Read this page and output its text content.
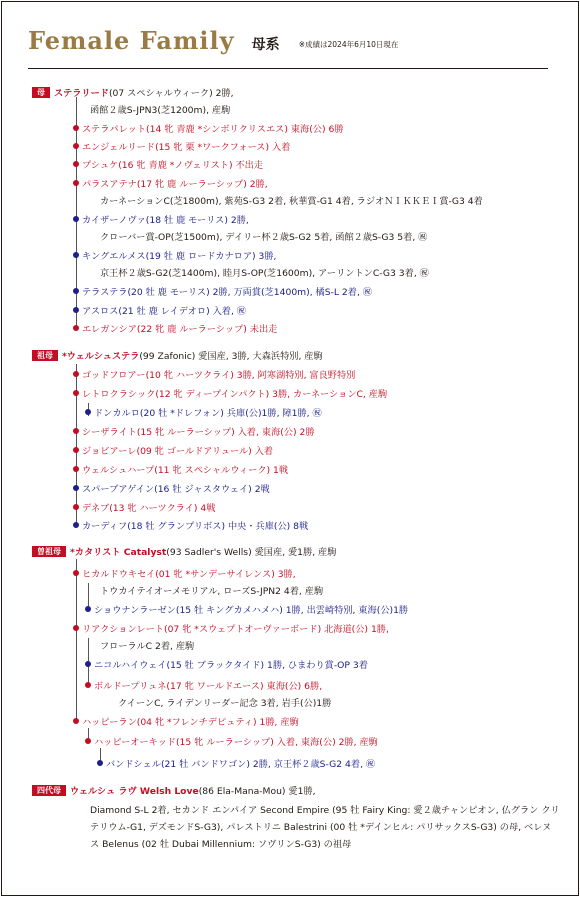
Female Family 母系	※成績は2024年6月10日現在
母 ステラリード(07 スペシャルウィーク) 2勝,
函館２歳S-JPN3(芝1200m), 産駒
ステラパレット(14 牝 青鹿 *シンボリクリスエス) 東海(公) 6勝
エンジェルリード(15 牝 栗 *ワークフォース) 入着
プシュケ(16 牝 青鹿 *ノヴェリスト) 不出走
パラスアテナ(17 牝 鹿 ルーラーシップ) 2勝,
カーネーションC(芝1800m), 紫苑S-G3 2着, 秋華賞-G1 4着, ラジオＮＩＫＫＥＩ賞-G3 4着
カイザーノヴァ(18 牡 鹿 モーリス) 2勝,
クローバー賞-OP(芝1500m), デイリー杯２歳S-G2 5着, 函館２歳S-G3 5着, ㊗
キングエルメス(19 牡 鹿 ロードカナロア) 3勝,
京王杯２歳S-G2(芝1400m), 睦月S-OP(芝1600m), アーリントンC-G3 3着, ㊗
テラステラ(20 牡 鹿 モーリス) 2勝, 万両賞(芝1400m), 橘S-L 2着, ㊗
アスロス(21 牡 鹿 レイデオロ) 入着, ㊗
エレガンシア(22 牝 鹿 ルーラーシップ) 未出走
祖母 *ウェルシュステラ(99 Zafonic) 愛国産, 3勝, 大森浜特別, 産駒
ゴッドフロアー(10 牝 ハーツクライ) 3勝, 阿寒湖特別, 富良野特別
レトロクラシック(12 牝 ディープインパクト) 3勝, カーネーションC, 産駒
ドンカルロ(20 牡 *ドレフォン) 兵庫(公)1勝, 障1勝, ㊗
シーザライト(15 牝 ルーラーシップ) 入着, 東海(公) 2勝
ジョビアーレ(09 牝 ゴールドアリュール) 入着
ウェルシュハープ(11 牝 スペシャルウィーク) 1戦
スパーブアゲイン(16 牡 ジャスタウェイ) 2戦
デネブ(13 牝 ハーツクライ) 4戦
カーディフ(18 牡 グランプリボス) 中央・兵庫(公) 8戦
曽祖母 *カタリスト Catalyst(93 Sadler's Wells) 愛国産, 愛1勝, 産駒
ヒカルドウキセイ(01 牝 *サンデーサイレンス) 3勝,
トウカイテイオーメモリアル, ローズS-JPN2 4着, 産駒
ショウナンラーゼン(15 牡 キングカメハメハ) 1勝, 出雲崎特別, 東海(公)1勝
リアクションレート(07 牝 *スウェプトオーヴァーボード) 北海道(公) 1勝,
フローラルC 2着, 産駒
ニコルハイウェイ(15 牡 ブラックタイド) 1勝, ひまわり賞-OP 3着
ボルドープリュネ(17 牝 ワールドエース) 東海(公) 6勝,
クイーンC, ライデンリーダー記念 3着, 岩手(公)1勝
ハッピーラン(04 牝 *フレンチデピュティ) 1勝, 産駒
ハッピーオーキッド(15 牝 ルーラーシップ) 入着, 東海(公) 2勝, 産駒
バンドシェル(21 牡 バンドワゴン) 2勝, 京王杯２歳S-G2 4着, ㊗
四代母 ウェルシュ ラヴ Welsh Love(86 Ela-Mana-Mou) 愛1勝,
Diamond S-L 2着, セカンド エンパイア Second Empire (95 牡 Fairy King: 愛２歳チャンピオン, 仏グラン クリテリウム-G1, デズモンドS-G3), パレストリニ Balestrini (00 牡 *デインヒル: パリサックスS-G3) の母, ベレヌス Belenus (02 牡 Dubai Millennium: ソヴリンS-G3) の祖母
